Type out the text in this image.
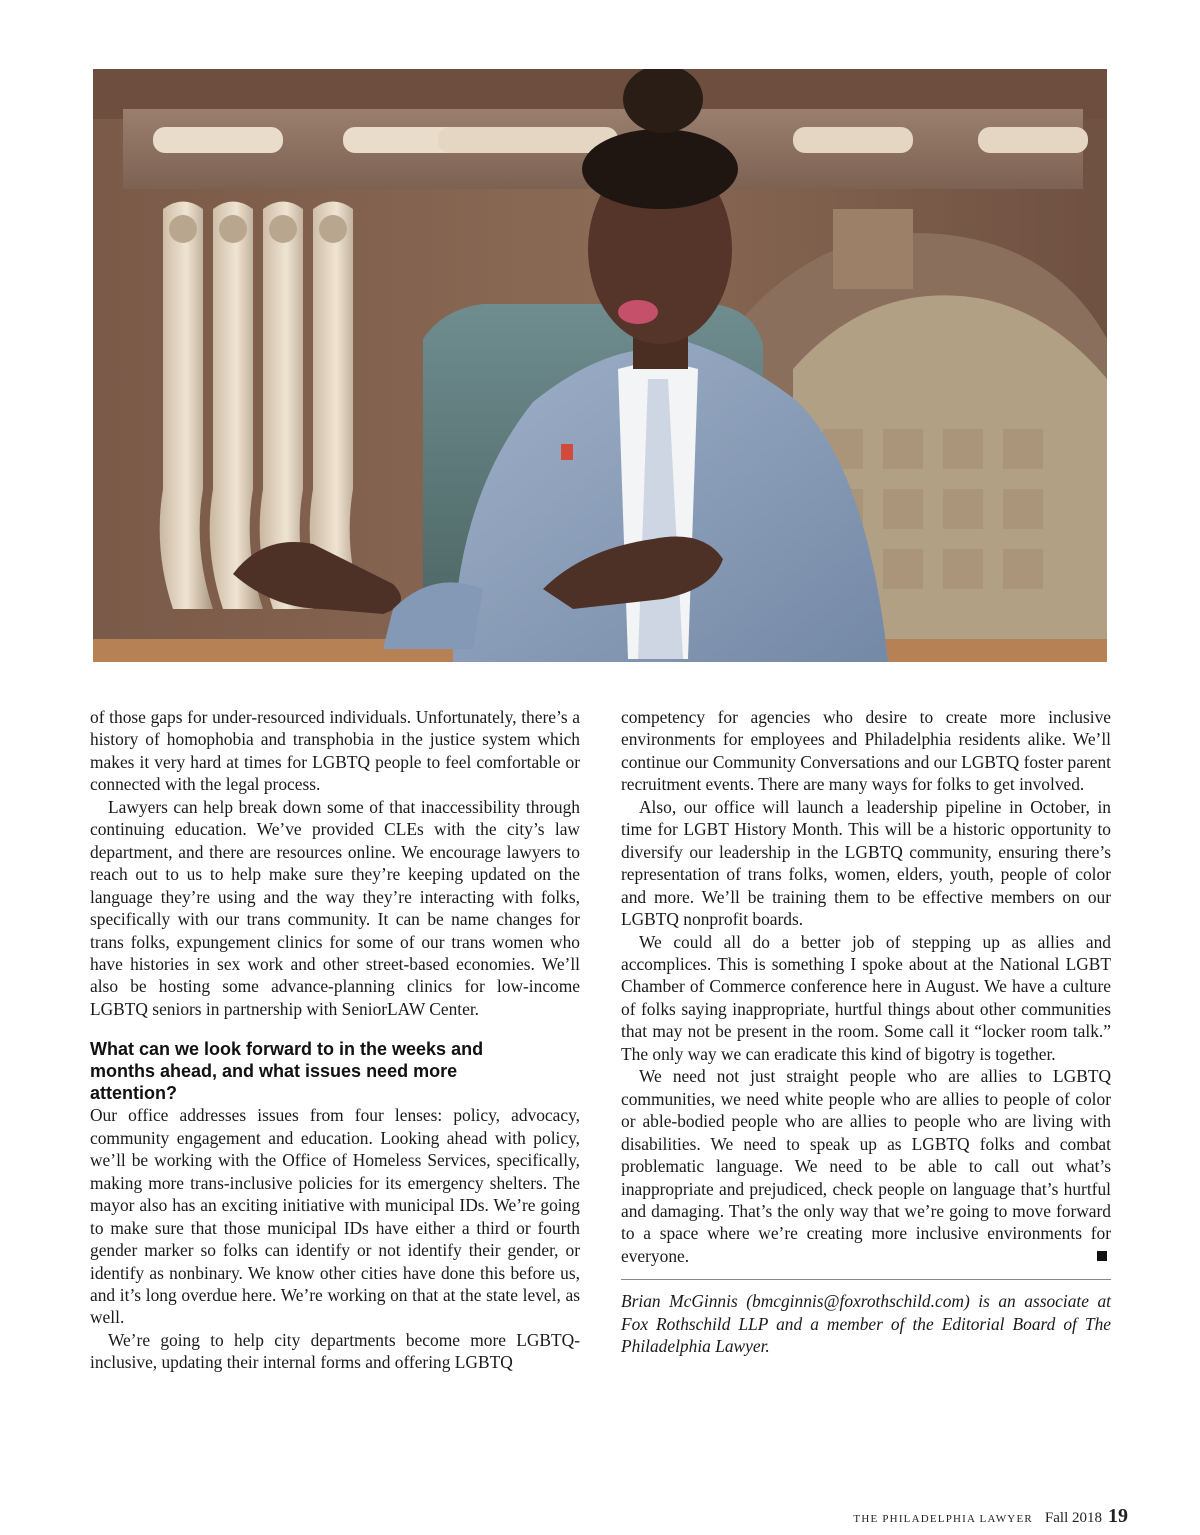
of those gaps for under-resourced individuals. Unfortunately, there’s a history of homophobia and transphobia in the justice system which makes it very hard at times for LGBTQ people to feel comfortable or connected with the legal process.

Lawyers can help break down some of that inaccessibility through continuing education. We’ve provided CLEs with the city’s law department, and there are resources online. We encourage lawyers to reach out to us to help make sure they’re keeping updated on the language they’re using and the way they’re interacting with folks, specifically with our trans community. It can be name changes for trans folks, expungement clinics for some of our trans women who have histories in sex work and other street-based economies. We’ll also be hosting some advance-planning clinics for low-income LGBTQ seniors in partnership with SeniorLAW Center.

What can we look forward to in the weeks and months ahead, and what issues need more attention?

Our office addresses issues from four lenses: policy, advocacy, community engagement and education. Looking ahead with policy, we’ll be working with the Office of Homeless Services, specifically, making more trans-inclusive policies for its emergency shelters. The mayor also has an exciting initiative with municipal IDs. We’re going to make sure that those municipal IDs have either a third or fourth gender marker so folks can identify or not identify their gender, or identify as nonbinary. We know other cities have done this before us, and it’s long overdue here. We’re working on that at the state level, as well.

We’re going to help city departments become more LGBTQ-inclusive, updating their internal forms and offering LGBTQ

competency for agencies who desire to create more inclusive environments for employees and Philadelphia residents alike. We’ll continue our Community Conversations and our LGBTQ foster parent recruitment events. There are many ways for folks to get involved.

Also, our office will launch a leadership pipeline in October, in time for LGBT History Month. This will be a historic opportunity to diversify our leadership in the LGBTQ community, ensuring there’s representation of trans folks, women, elders, youth, people of color and more. We’ll be training them to be effective members on our LGBTQ nonprofit boards.

We could all do a better job of stepping up as allies and accomplices. This is something I spoke about at the National LGBT Chamber of Commerce conference here in August. We have a culture of folks saying inappropriate, hurtful things about other communities that may not be present in the room. Some call it “locker room talk.” The only way we can eradicate this kind of bigotry is together.

We need not just straight people who are allies to LGBTQ communities, we need white people who are allies to people of color or able-bodied people who are allies to people who are living with disabilities. We need to speak up as LGBTQ folks and combat problematic language. We need to be able to call out what’s inappropriate and prejudiced, check people on language that’s hurtful and damaging. That’s the only way that we’re going to move forward to a space where we’re creating more inclusive environments for everyone.

Brian McGinnis (bmcginnis@foxrothschild.com) is an associate at Fox Rothschild LLP and a member of the Editorial Board of The Philadelphia Lawyer.

THE PHILADELPHIA LAWYER Fall 2018 19
